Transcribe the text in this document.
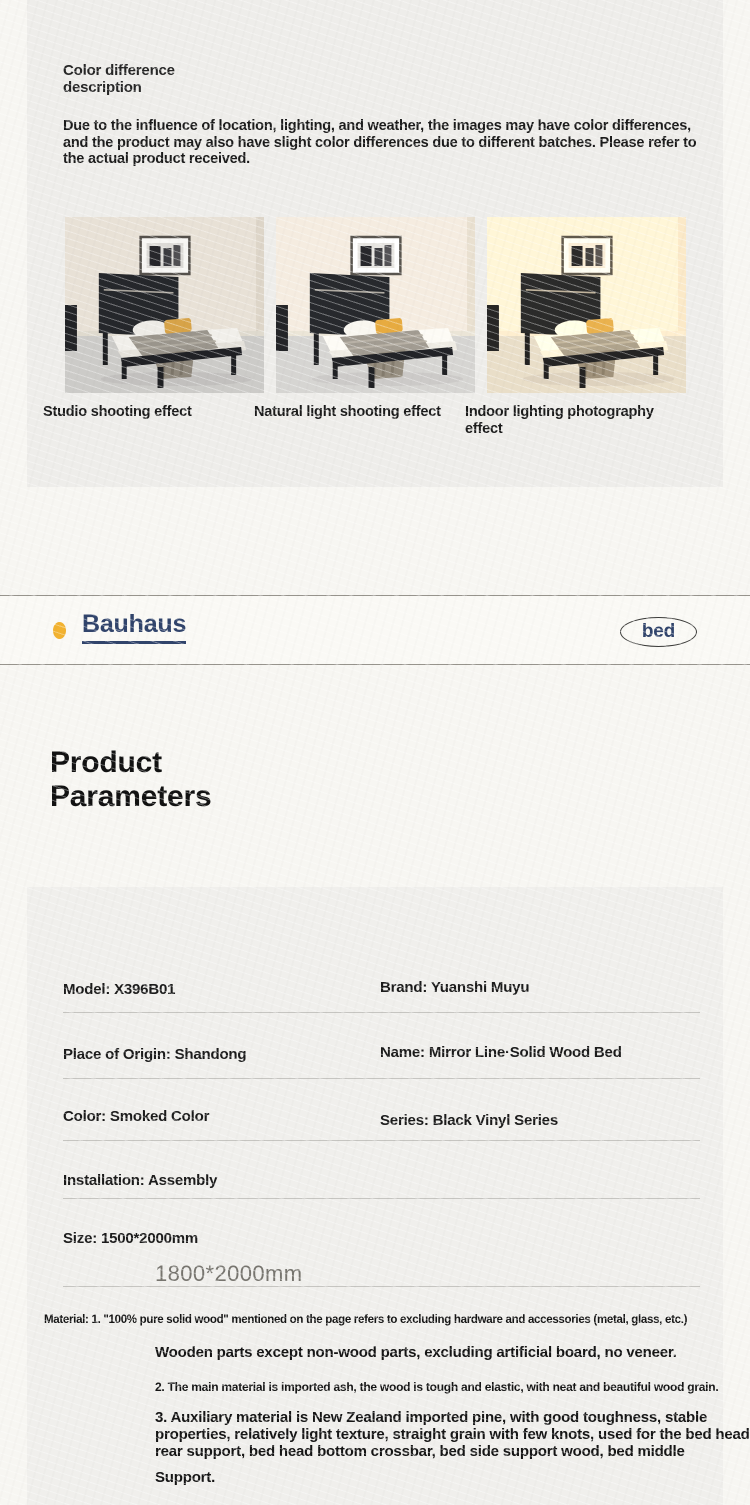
Color difference description

Due to the influence of location, lighting, and weather, the images may have color differences, and the product may also have slight color differences due to different batches. Please refer to the actual product received.

Studio shooting effect	Natural light shooting effect	Indoor lighting photography effect
Bauhaus	bed
Product Parameters
Model: X396B01	Brand: Yuanshi Muyu
Place of Origin: Shandong	Name: Mirror Line·Solid Wood Bed
Color: Smoked Color	Series: Black Vinyl Series
Installation: Assembly
Size: 1500*2000mm
1800*2000mm

Material: 1. "100% pure solid wood" mentioned on the page refers to excluding hardware and accessories (metal, glass, etc.)

Wooden parts except non-wood parts, excluding artificial board, no veneer.

2. The main material is imported ash, the wood is tough and elastic, with neat and beautiful wood grain.

3. Auxiliary material is New Zealand imported pine, with good toughness, stable properties, relatively light texture, straight grain with few knots, used for the bed head rear support, bed head bottom crossbar, bed side support wood, bed middle

Support.
